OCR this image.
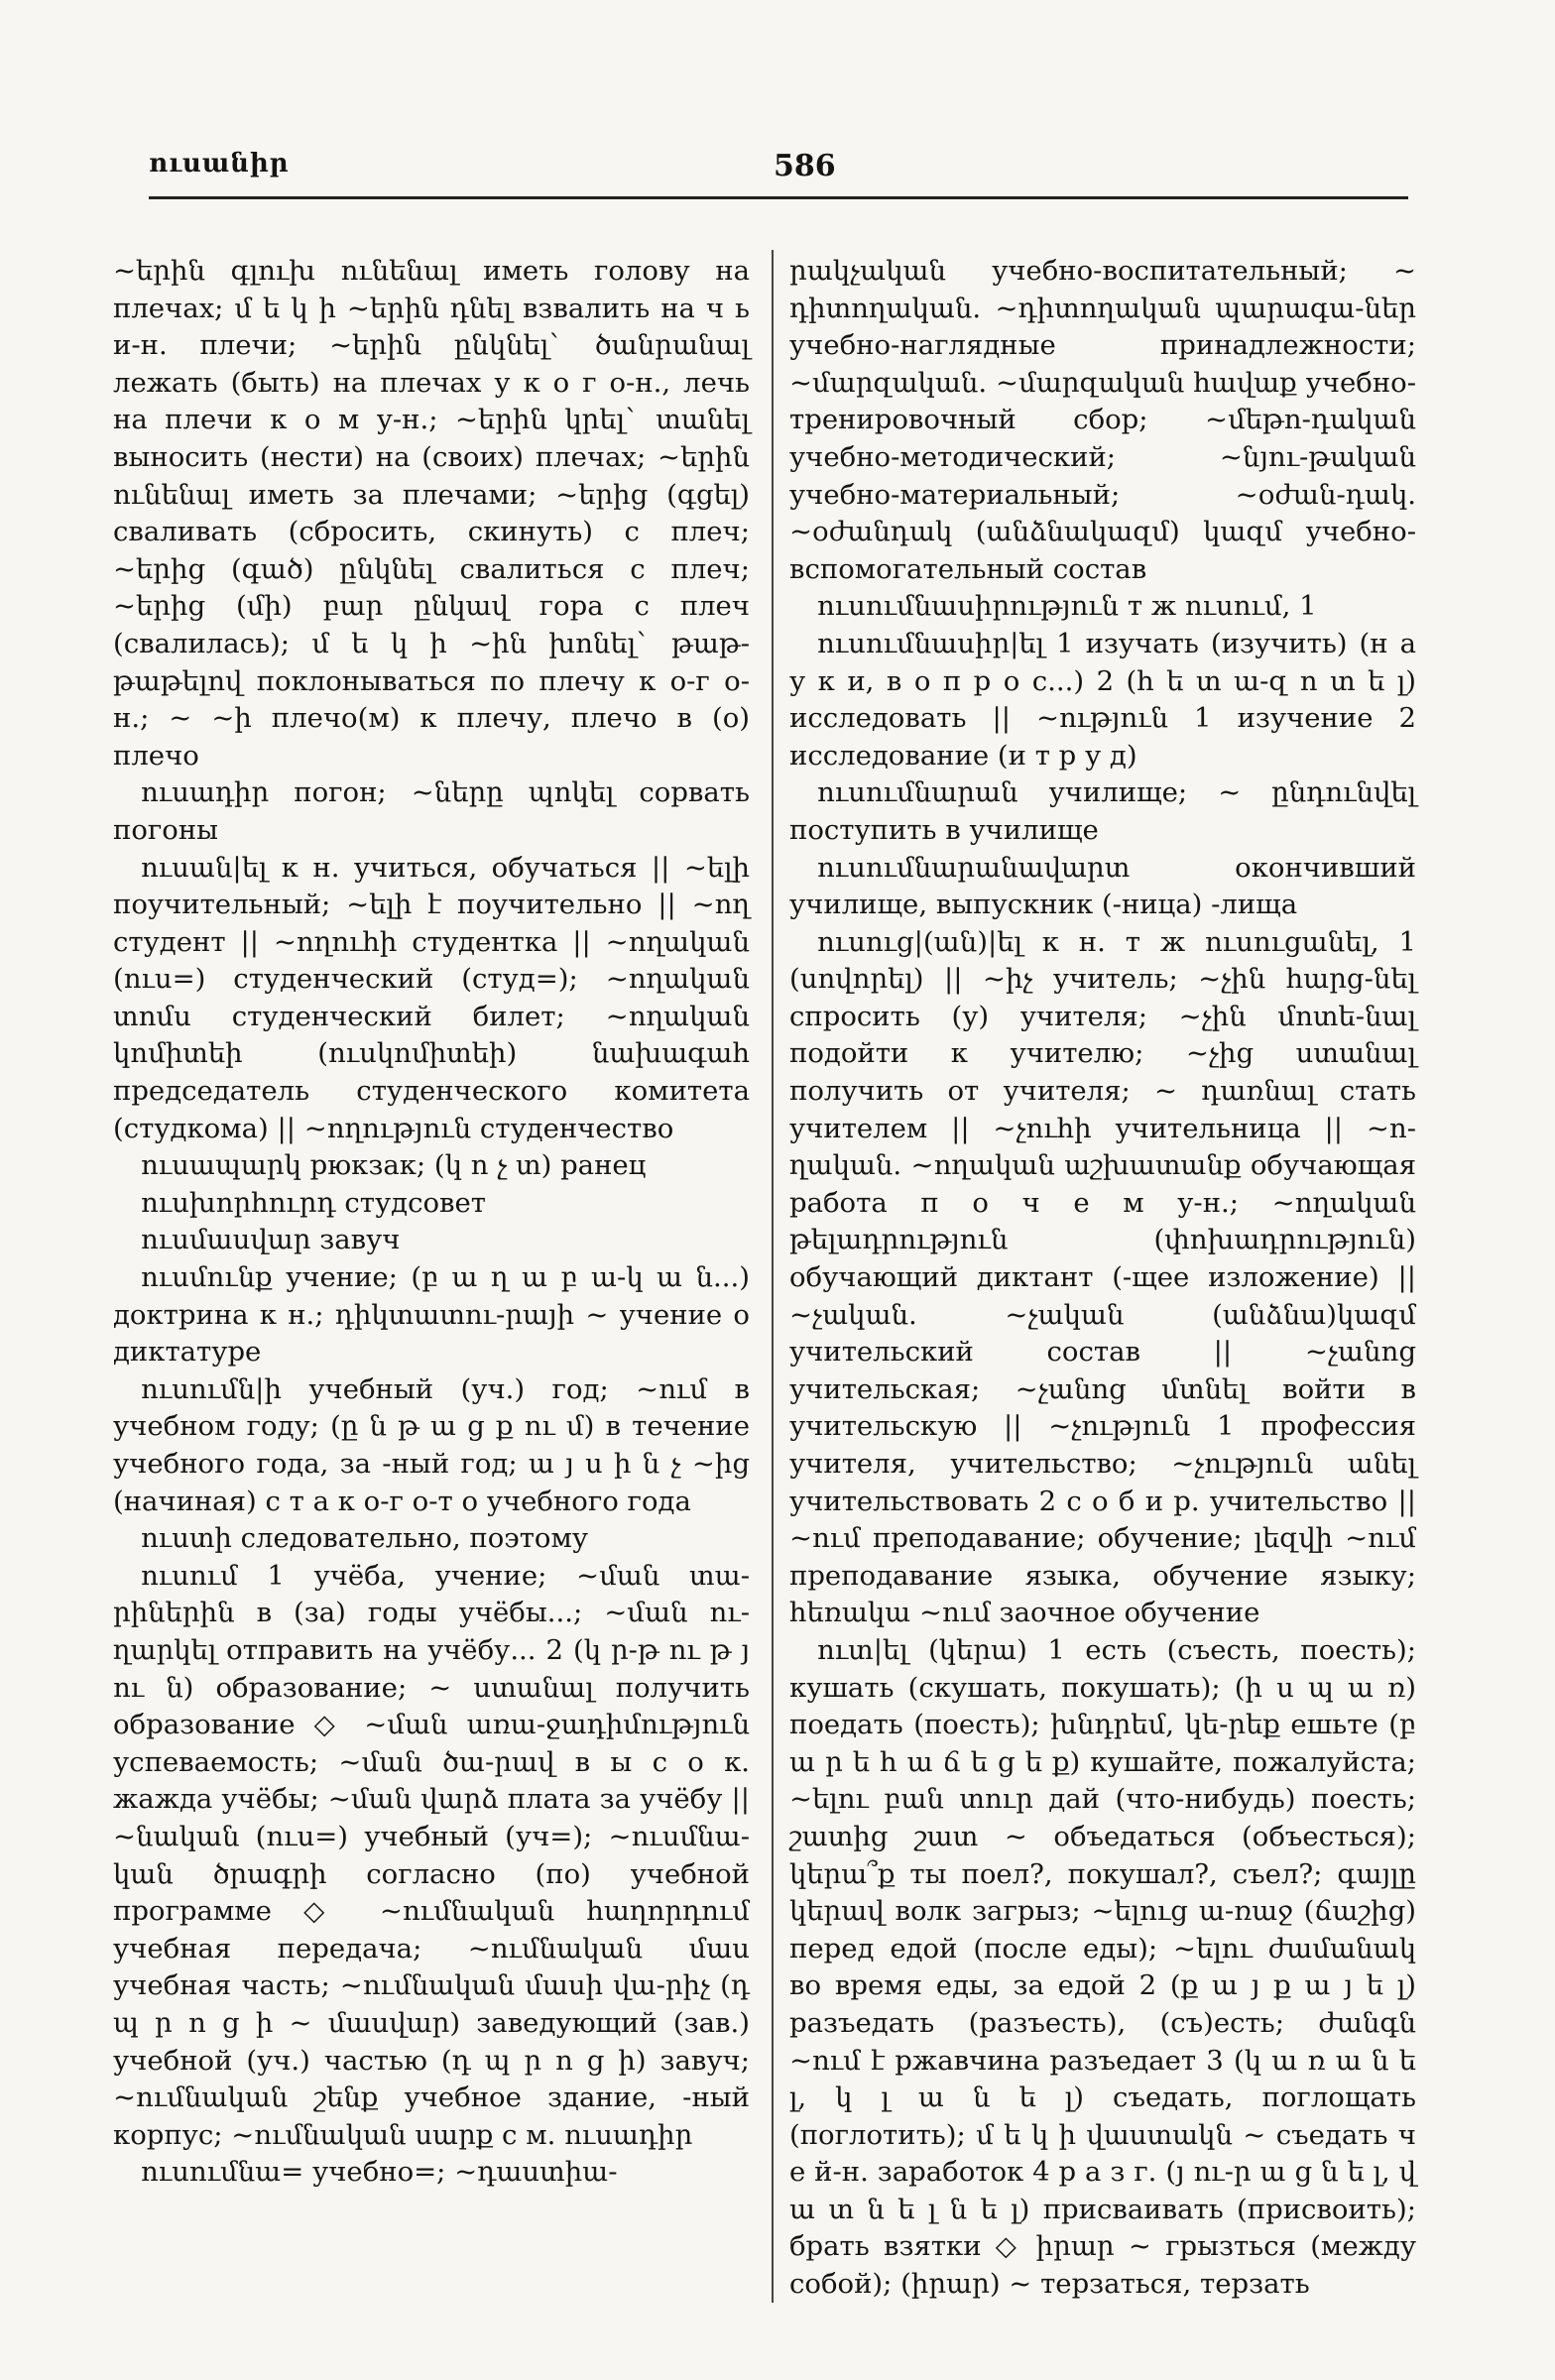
ուսանիր	586

~երին գլուխ ունենալ иметь голову на плечах; մ ե կ ի ~երին դնել взвалить на ч ь и-н. плечи; ~երին ընկնել` ծանրանալ лежать (быть) на плечах у к о г о-н., лечь на плечи к о м у-н.; ~երին կրել` տանել выносить (нести) на (своих) плечах; ~երին ունենալ иметь за плечами; ~երից (գցել) сваливать (сбросить, скинуть) с плеч; ~երից (գած) ընկնել свалиться с плеч; ~երից (մի) բար ընկավ гора с плеч (свалилась); մ ե կ ի ~ին խոնել` թաթ-թաթելով поклонываться по плечу к о-г о-н.; ~ ~ի плечо(м) к плечу, плечо в (о) плечо

ուսադիր погон; ~ները պոկել сорвать погоны

ուսան|ել к н. учиться, обучаться || ~ելի поучительный; ~ելի է поучительно || ~ող студент || ~ողուհի студентка || ~ողական (ուս=) студенческий (студ=); ~ողական տոմս студенческий билет; ~ողական կոմիտեի (ուսկոմիտեի) նախագահ председатель студенческого комитета (студкома) || ~ողություն студенчество

ուսապարկ рюкзак; (կ ո չ տ) ранец

ուսխորհուրդ студсовет

ուսմասվար завуч

ուսմունք учение; (բ ա ղ ա բ ա-կ ա ն...) доктрина к н.; դիկտատու-րայի ~ учение о диктатуре

ուսումն|ի учебный (уч.) год; ~ում в учебном году; (ը ն թ ա ց ք ու մ) в течение учебного года, за -ный год; ա յ ս ի ն չ ~ից (начиная) с т а к о-г о-т о учебного года

ուստի следовательно, поэтому

ուսում 1 учёба, учение; ~ման տա-րիներին в (за) годы учёбы...; ~ման ու-ղարկել отправить на учёбу... 2 (կ ր-թ ու թ յ ու ն) образование; ~ ստանալ получить образование ◇ ~ման առա-ջադիմություն успеваемость; ~ման ծա-րավ в ы с о к. жажда учёбы; ~ման վարձ плата за учёбу || ~նական (ուս=) учебный (уч=); ~ուսմնա-կան ծրագրի согласно (по) учебной программе ◇ ~ումնական հաղորդում учебная передача; ~ումնական մաս учебная часть; ~ումնական մասի վա-րիչ (դ պ ր ո ց ի ~ մասվար) заведующий (зав.) учебной (уч.) частью (դ պ ր ո ց ի) завуч; ~ումնական շենք учебное здание, -ный корпус; ~ումնական սարք с м. ուսադիր

ուսումնա= учебно=; ~դաստիա-

րակչական учебно-воспитательный; ~ դիտողական. ~դիտողական պարագա-ներ учебно-наглядные принадлежности; ~մարզական. ~մարզական հավաք учебно-тренировочный сбор; ~մեթո-դական учебно-методический; ~նյու-թական учебно-материальный; ~օժան-դակ. ~օժանդակ (անձնակազմ) կազմ учебно-вспомогательный состав

ուսումնասիրություն т ж ուսում, 1

ուսումնասիր|ել 1 изучать (изучить) (н а у к и, в о п р о с...) 2 (հ ե տ ա-զ ո տ ե լ) исследовать || ~ություն 1 изучение 2 исследование (и т р у д)

ուսումնարան училище; ~ ընդունվել поступить в училище

ուսումնարանավարտ окончивший училище, выпускник (-ница) -лища

ուսուց|(ան)|ել к н. т ж ուսուցանել, 1 (սովորել) || ~իչ учитель; ~չին հարց-նել спросить (у) учителя; ~չին մոտե-նալ подойти к учителю; ~չից ստանալ получить от учителя; ~ դառնալ стать учителем || ~չուհի учительница || ~ո-ղական. ~ողական աշխատանք обучающая работа п о ч е м у-н.; ~ողական թելադրություն (փոխադրություն) обучающий диктант (-щее изложение) || ~չական. ~չական (անձնա)կազմ учительский состав || ~չանոց учительская; ~չանոց մտնել войти в учительскую || ~չություն 1 профессия учителя, учительство; ~չություն անել учительствовать 2 с о б и р. учительство || ~ում преподавание; обучение; լեզվի ~ում преподавание языка, обучение языку; հեռակա ~ում заочное обучение

ուտ|ել (կերա) 1 есть (съесть, поесть); кушать (скушать, покушать); (ի ս պ ա ռ) поедать (поесть); խնդրեմ, կե-րեք ешьте (բ ա ր ե հ ա ճ ե ց ե ք) кушайте, пожалуйста; ~ելու բան տուր дай (что-нибудь) поесть; շատից շատ ~ объедаться (объесться); կերա՞ք ты поел?, покушал?, съел?; գայլը կերավ волк загрыз; ~ելուց ա-ռաջ (ճաշից) перед едой (после еды); ~ելու ժամանակ во время еды, за едой 2 (ք ա յ ք ա յ ե լ) разъедать (разъесть), (съ)есть; ժանգն ~ում է ржавчина разъедает 3 (կ ա ռ ա ն ե լ, կ լ ա ն ե լ) съедать, поглощать (поглотить); մ ե կ ի վաստակն ~ съедать ч е й-н. заработок 4 р а з г. (յ ու-ր ա ց ն ե լ, վ ա տ ն ե լ ն ե լ) присваивать (присвоить); брать взятки ◇ իրար ~ грызться (между собой); (իրար) ~ терзаться, терзать
